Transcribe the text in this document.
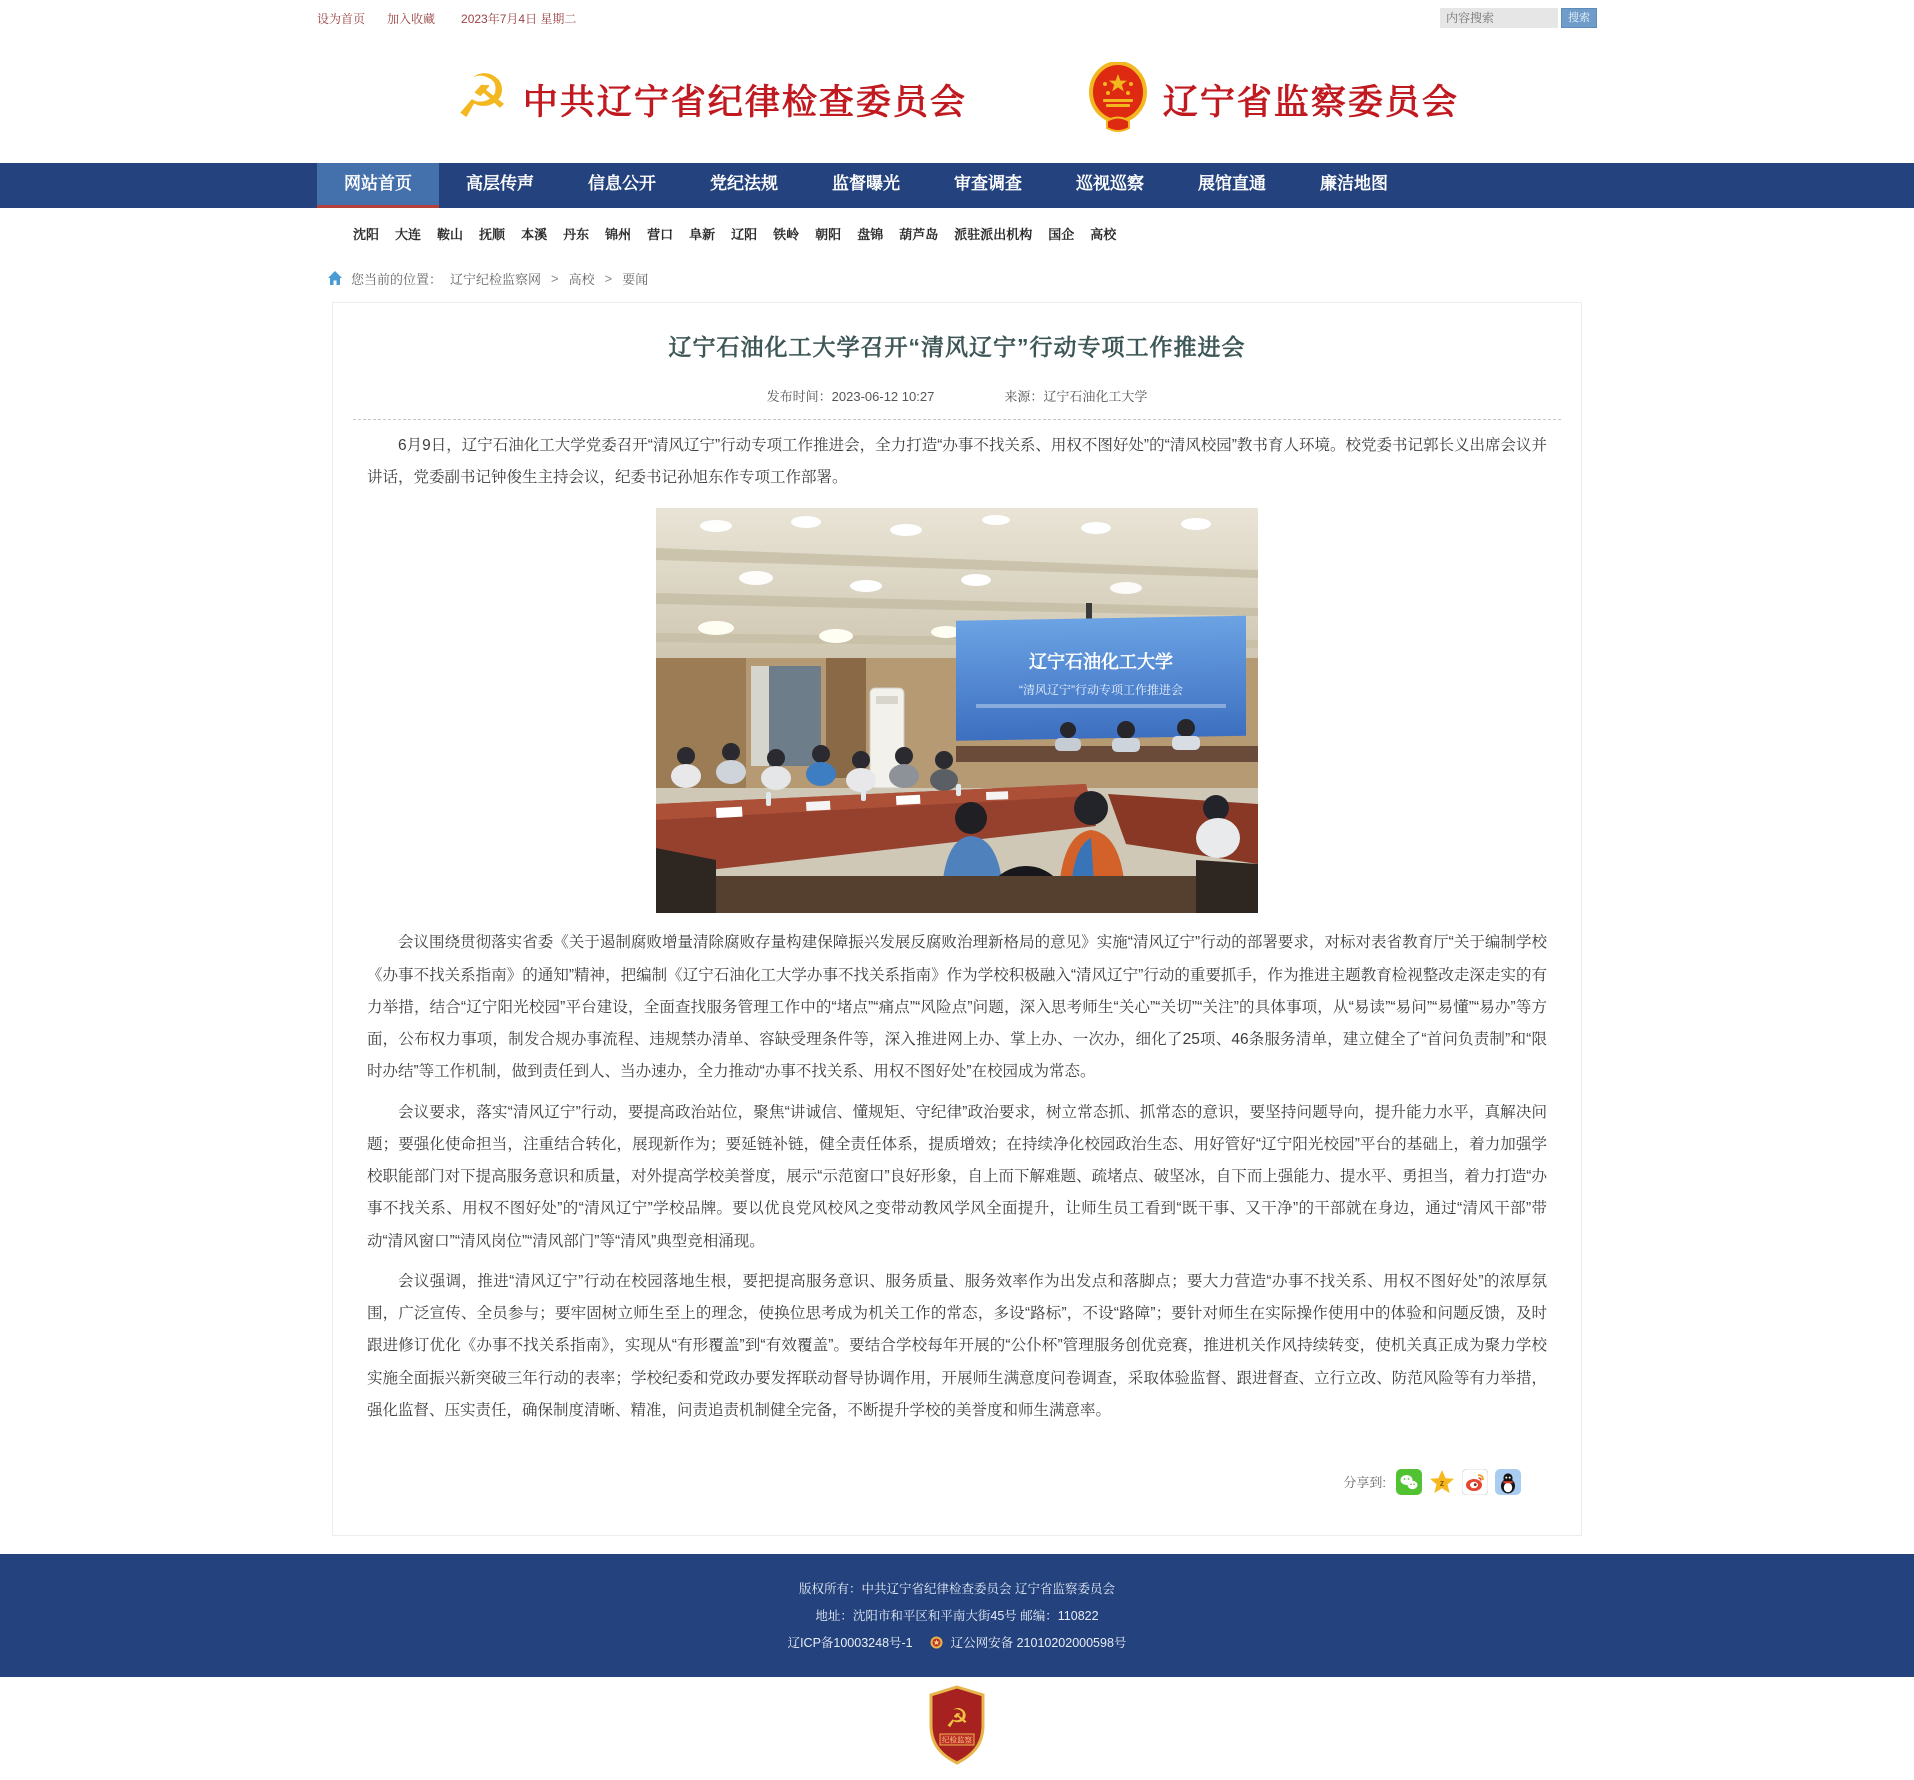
设为首页 加入收藏 2023年7月4日 星期二
内容搜索	搜索
☭ 中共辽宁省纪律检查委员会	辽宁省监察委员会
网站首页	高层传声	信息公开	党纪法规	监督曝光	审查调查	巡视巡察	展馆直通	廉洁地图
沈阳 大连 鞍山 抚顺 本溪 丹东 锦州 营口 阜新 辽阳 铁岭 朝阳 盘锦 葫芦岛 派驻派出机构 国企 高校
您当前的位置： 辽宁纪检监察网 > 高校 > 要闻
辽宁石油化工大学召开“清风辽宁”行动专项工作推进会
发布时间：2023-06-12 10:27	来源：辽宁石油化工大学

6月9日，辽宁石油化工大学党委召开“清风辽宁”行动专项工作推进会，全力打造“办事不找关系、用权不图好处”的“清风校园”教书育人环境。校党委书记郭长义出席会议并讲话，党委副书记钟俊生主持会议，纪委书记孙旭东作专项工作部署。

辽宁石油化工大学
“清风辽宁”行动专项工作推进会

会议围绕贯彻落实省委《关于遏制腐败增量清除腐败存量构建保障振兴发展反腐败治理新格局的意见》实施“清风辽宁”行动的部署要求，对标对表省教育厅“关于编制学校《办事不找关系指南》的通知”精神，把编制《辽宁石油化工大学办事不找关系指南》作为学校积极融入“清风辽宁”行动的重要抓手，作为推进主题教育检视整改走深走实的有力举措，结合“辽宁阳光校园”平台建设，全面查找服务管理工作中的“堵点”“痛点”“风险点”问题，深入思考师生“关心”“关切”“关注”的具体事项，从“易读”“易问”“易懂”“易办”等方面，公布权力事项，制发合规办事流程、违规禁办清单、容缺受理条件等，深入推进网上办、掌上办、一次办，细化了25项、46条服务清单，建立健全了“首问负责制”和“限时办结”等工作机制，做到责任到人、当办速办，全力推动“办事不找关系、用权不图好处”在校园成为常态。

会议要求，落实“清风辽宁”行动，要提高政治站位，聚焦“讲诚信、懂规矩、守纪律”政治要求，树立常态抓、抓常态的意识，要坚持问题导向，提升能力水平，真解决问题；要强化使命担当，注重结合转化，展现新作为；要延链补链，健全责任体系，提质增效；在持续净化校园政治生态、用好管好“辽宁阳光校园”平台的基础上，着力加强学校职能部门对下提高服务意识和质量，对外提高学校美誉度，展示“示范窗口”良好形象，自上而下解难题、疏堵点、破坚冰，自下而上强能力、提水平、勇担当，着力打造“办事不找关系、用权不图好处”的“清风辽宁”学校品牌。要以优良党风校风之变带动教风学风全面提升，让师生员工看到“既干事、又干净”的干部就在身边，通过“清风干部”带动“清风窗口”“清风岗位”“清风部门”等“清风”典型竞相涌现。

会议强调，推进“清风辽宁”行动在校园落地生根，要把提高服务意识、服务质量、服务效率作为出发点和落脚点；要大力营造“办事不找关系、用权不图好处”的浓厚氛围，广泛宣传、全员参与；要牢固树立师生至上的理念，使换位思考成为机关工作的常态，多设“路标”，不设“路障”；要针对师生在实际操作使用中的体验和问题反馈，及时跟进修订优化《办事不找关系指南》，实现从“有形覆盖”到“有效覆盖”。要结合学校每年开展的“公仆杯”管理服务创优竞赛，推进机关作风持续转变，使机关真正成为聚力学校实施全面振兴新突破三年行动的表率；学校纪委和党政办要发挥联动督导协调作用，开展师生满意度问卷调查，采取体验监督、跟进督查、立行立改、防范风险等有力举措，强化监督、压实责任，确保制度清晰、精准，问责追责机制健全完备，不断提升学校的美誉度和师生满意率。

分享到:	z
版权所有：中共辽宁省纪律检查委员会 辽宁省监察委员会
地址：沈阳市和平区和平南大街45号 邮编：110822
辽ICP备10003248号-1	辽公网安备 21010202000598号
☭
纪检监察
